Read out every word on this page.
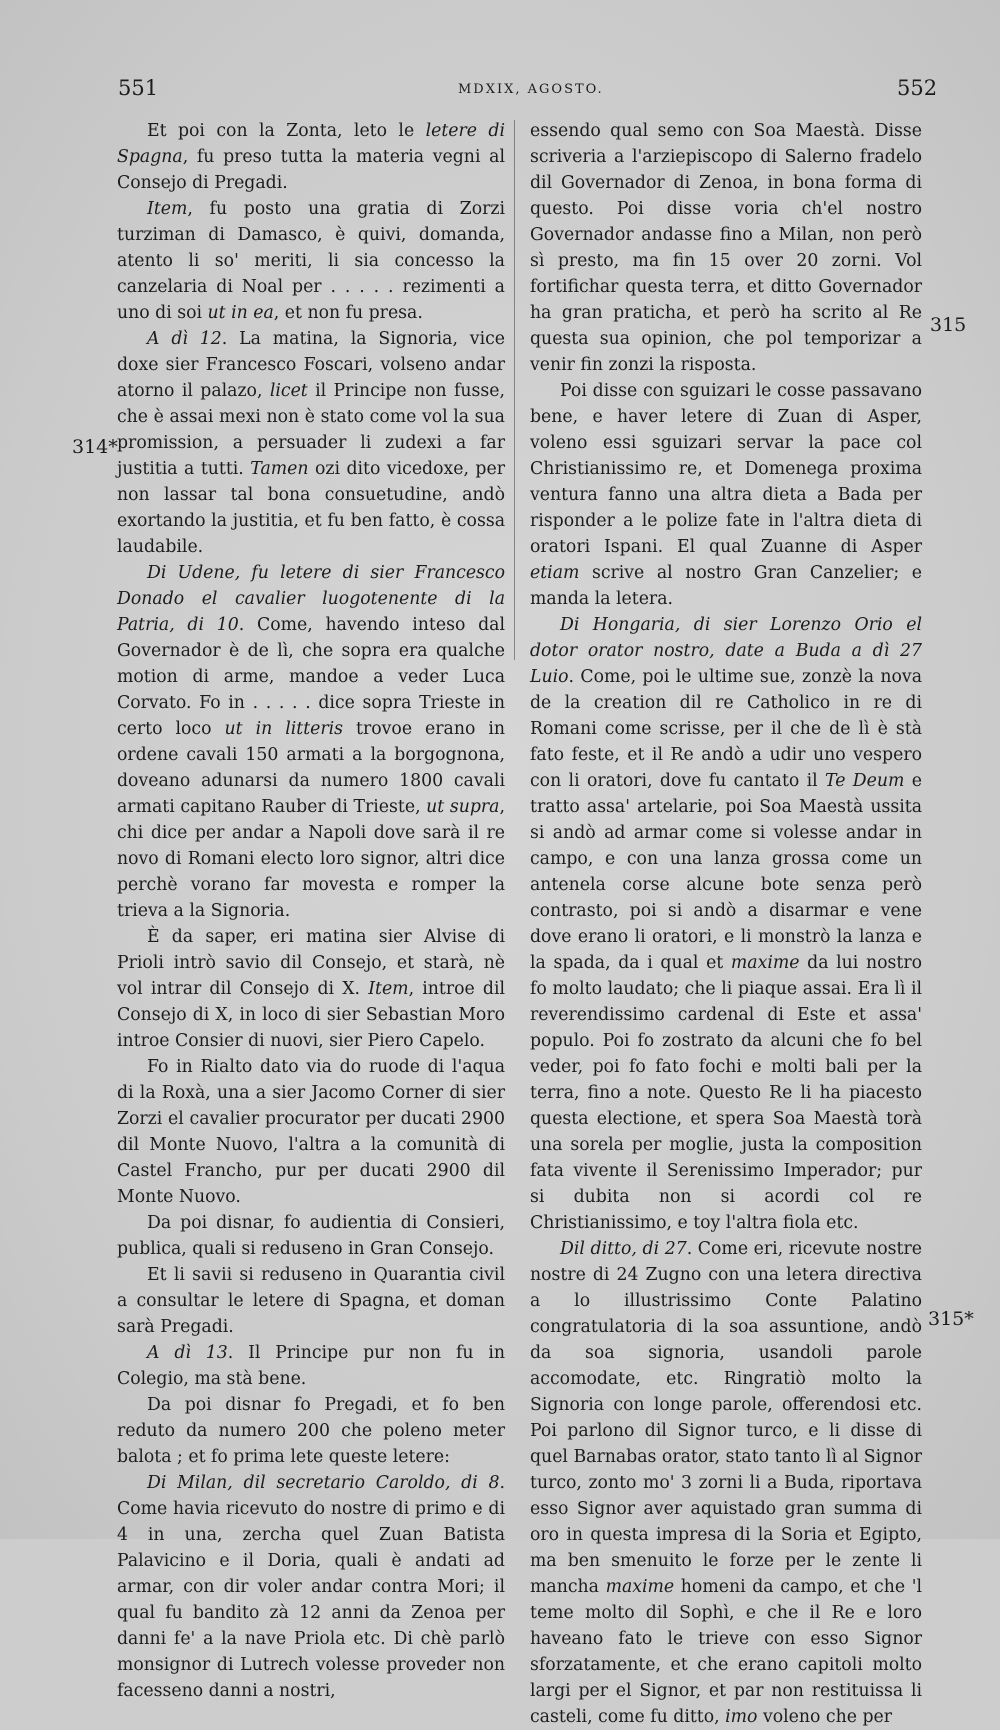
551	MDXIX, AGOSTO.	552
314*
315
315*

Et poi con la Zonta, leto le letere di Spagna, fu preso tutta la materia vegni al Consejo di Pregadi.

Item, fu posto una gratia di Zorzi turziman di Damasco, è quivi, domanda, atento li so' meriti, li sia concesso la canzelaria di Noal per . . . . . rezimenti a uno di soi ut in ea, et non fu presa.

A dì 12. La matina, la Signoria, vice doxe sier Francesco Foscari, volseno andar atorno il palazo, licet il Principe non fusse, che è assai mexi non è stato come vol la sua promission, a persuader li zudexi a far justitia a tutti. Tamen ozi dito vicedoxe, per non lassar tal bona consuetudine, andò exortando la justitia, et fu ben fatto, è cossa laudabile.

Di Udene, fu letere di sier Francesco Donado el cavalier luogotenente di la Patria, di 10. Come, havendo inteso dal Governador è de lì, che sopra era qualche motion di arme, mandoe a veder Luca Corvato. Fo in . . . . . dice sopra Trieste in certo loco ut in litteris trovoe erano in ordene cavali 150 armati a la borgognona, doveano adunarsi da numero 1800 cavali armati capitano Rauber di Trieste, ut supra, chi dice per andar a Napoli dove sarà il re novo di Romani electo loro signor, altri dice perchè vorano far movesta e romper la trieva a la Signoria.

È da saper, eri matina sier Alvise di Prioli intrò savio dil Consejo, et starà, nè vol intrar dil Consejo di X. Item, introe dil Consejo di X, in loco di sier Sebastian Moro introe Consier di nuovi, sier Piero Capelo.

Fo in Rialto dato via do ruode di l'aqua di la Roxà, una a sier Jacomo Corner di sier Zorzi el cavalier procurator per ducati 2900 dil Monte Nuovo, l'altra a la comunità di Castel Francho, pur per ducati 2900 dil Monte Nuovo.

Da poi disnar, fo audientia di Consieri, publica, quali si reduseno in Gran Consejo.

Et li savii si reduseno in Quarantia civil a consultar le letere di Spagna, et doman sarà Pregadi.

A dì 13. Il Principe pur non fu in Colegio, ma stà bene.

Da poi disnar fo Pregadi, et fo ben reduto da numero 200 che poleno meter balota ; et fo prima lete queste letere:

Di Milan, dil secretario Caroldo, di 8. Come havia ricevuto do nostre di primo e di 4 in una, zercha quel Zuan Batista Palavicino e il Doria, quali è andati ad armar, con dir voler andar contra Mori; il qual fu bandito zà 12 anni da Zenoa per danni fe' a la nave Priola etc. Di chè parlò monsignor di Lutrech volesse proveder non facesseno danni a nostri,

essendo qual semo con Soa Maestà. Disse scriveria a l'arziepiscopo di Salerno fradelo dil Governador di Zenoa, in bona forma di questo. Poi disse voria ch'el nostro Governador andasse fino a Milan, non però sì presto, ma fin 15 over 20 zorni. Vol fortifichar questa terra, et ditto Governador ha gran praticha, et però ha scrito al Re questa sua opinion, che pol temporizar a venir fin zonzi la risposta.

Poi disse con sguizari le cosse passavano bene, e haver letere di Zuan di Asper, voleno essi sguizari servar la pace col Christianissimo re, et Domenega proxima ventura fanno una altra dieta a Bada per risponder a le polize fate in l'altra dieta di oratori Ispani. El qual Zuanne di Asper etiam scrive al nostro Gran Canzelier; e manda la letera.

Di Hongaria, di sier Lorenzo Orio el dotor orator nostro, date a Buda a dì 27 Luio. Come, poi le ultime sue, zonzè la nova de la creation dil re Catholico in re di Romani come scrisse, per il che de lì è stà fato feste, et il Re andò a udir uno vespero con li oratori, dove fu cantato il Te Deum e tratto assa' artelarie, poi Soa Maestà ussita si andò ad armar come si volesse andar in campo, e con una lanza grossa come un antenela corse alcune bote senza però contrasto, poi si andò a disarmar e vene dove erano li oratori, e li monstrò la lanza e la spada, da i qual et maxime da lui nostro fo molto laudato; che li piaque assai. Era lì il reverendissimo cardenal di Este et assa' populo. Poi fo zostrato da alcuni che fo bel veder, poi fo fato fochi e molti bali per la terra, fino a note. Questo Re li ha piacesto questa electione, et spera Soa Maestà torà una sorela per moglie, justa la composition fata vivente il Serenissimo Imperador; pur si dubita non si acordi col re Christianissimo, e toy l'altra fiola etc.

Dil ditto, di 27. Come eri, ricevute nostre nostre di 24 Zugno con una letera directiva a lo illustrissimo Conte Palatino congratulatoria di la soa assuntione, andò da soa signoria, usandoli parole accomodate, etc. Ringratiò molto la Signoria con longe parole, offerendosi etc. Poi parlono dil Signor turco, e li disse di quel Barnabas orator, stato tanto lì al Signor turco, zonto mo' 3 zorni li a Buda, riportava esso Signor aver aquistado gran summa di oro in questa impresa di la Soria et Egipto, ma ben smenuito le forze per le zente li mancha maxime homeni da campo, et che 'l teme molto dil Sophì, e che il Re e loro haveano fato le trieve con esso Signor sforzatamente, et che erano capitoli molto largi per el Signor, et par non restituissa li casteli, come fu ditto, imo voleno che per
